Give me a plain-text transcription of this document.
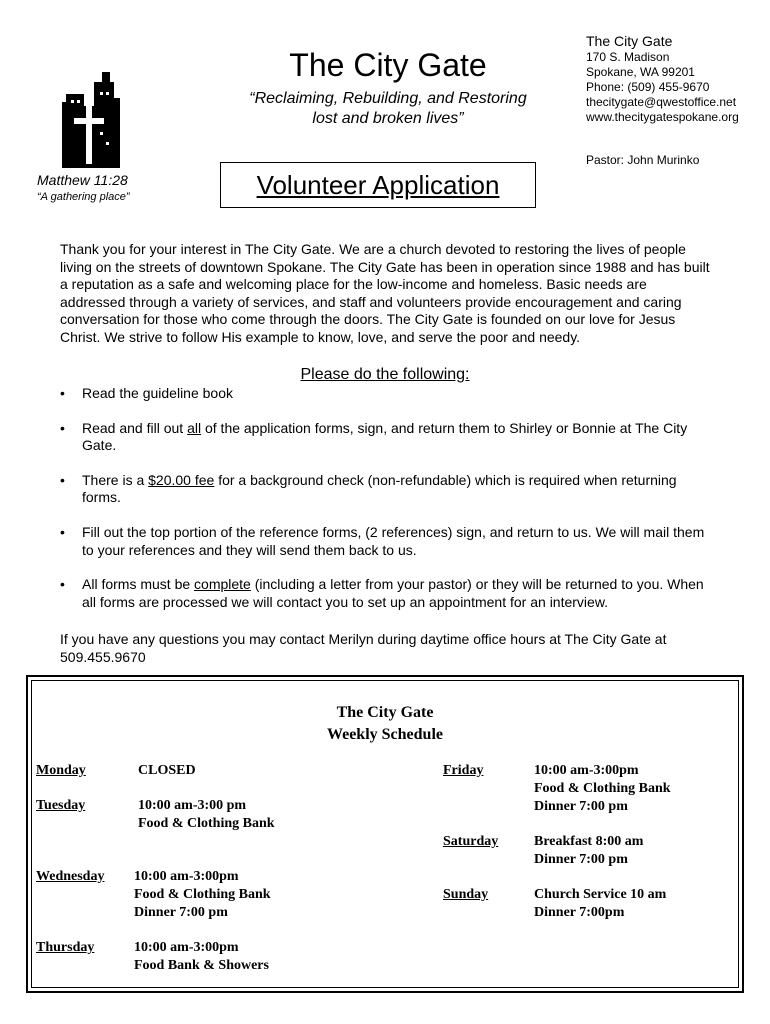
Matthew 11:28
“A gathering place”
The City Gate
“Reclaiming, Rebuilding, and Restoring
lost and broken lives”
The City Gate
170 S. Madison
Spokane, WA 99201
Phone: (509) 455-9670
thecitygate@qwestoffice.net
www.thecitygatespokane.org
Pastor: John Murinko
Volunteer Application
Thank you for your interest in The City Gate. We are a church devoted to restoring the lives of people living on the streets of downtown Spokane. The City Gate has been in operation since 1988 and has built a reputation as a safe and welcoming place for the low-income and homeless. Basic needs are addressed through a variety of services, and staff and volunteers provide encouragement and caring conversation for those who come through the doors. The City Gate is founded on our love for Jesus Christ. We strive to follow His example to know, love, and serve the poor and needy.
Please do the following:
• Read the guideline book
• Read and fill out all of the application forms, sign, and return them to Shirley or Bonnie at The City Gate.
• There is a $20.00 fee for a background check (non-refundable) which is required when returning forms.
• Fill out the top portion of the reference forms, (2 references) sign, and return to us. We will mail them to your references and they will send them back to us.
• All forms must be complete (including a letter from your pastor) or they will be returned to you. When all forms are processed we will contact you to set up an appointment for an interview.
If you have any questions you may contact Merilyn during daytime office hours at The City Gate at 509.455.9670
The City Gate
Weekly Schedule
Monday	CLOSED
Tuesday	10:00 am-3:00 pm
Food & Clothing Bank
Wednesday 10:00 am-3:00pm
Food & Clothing Bank
Dinner 7:00 pm
Thursday	10:00 am-3:00pm
Food Bank & Showers
Friday	10:00 am-3:00pm
Food & Clothing Bank
Dinner 7:00 pm
Saturday	Breakfast 8:00 am
Dinner 7:00 pm
Sunday	Church Service 10 am
Dinner 7:00pm
